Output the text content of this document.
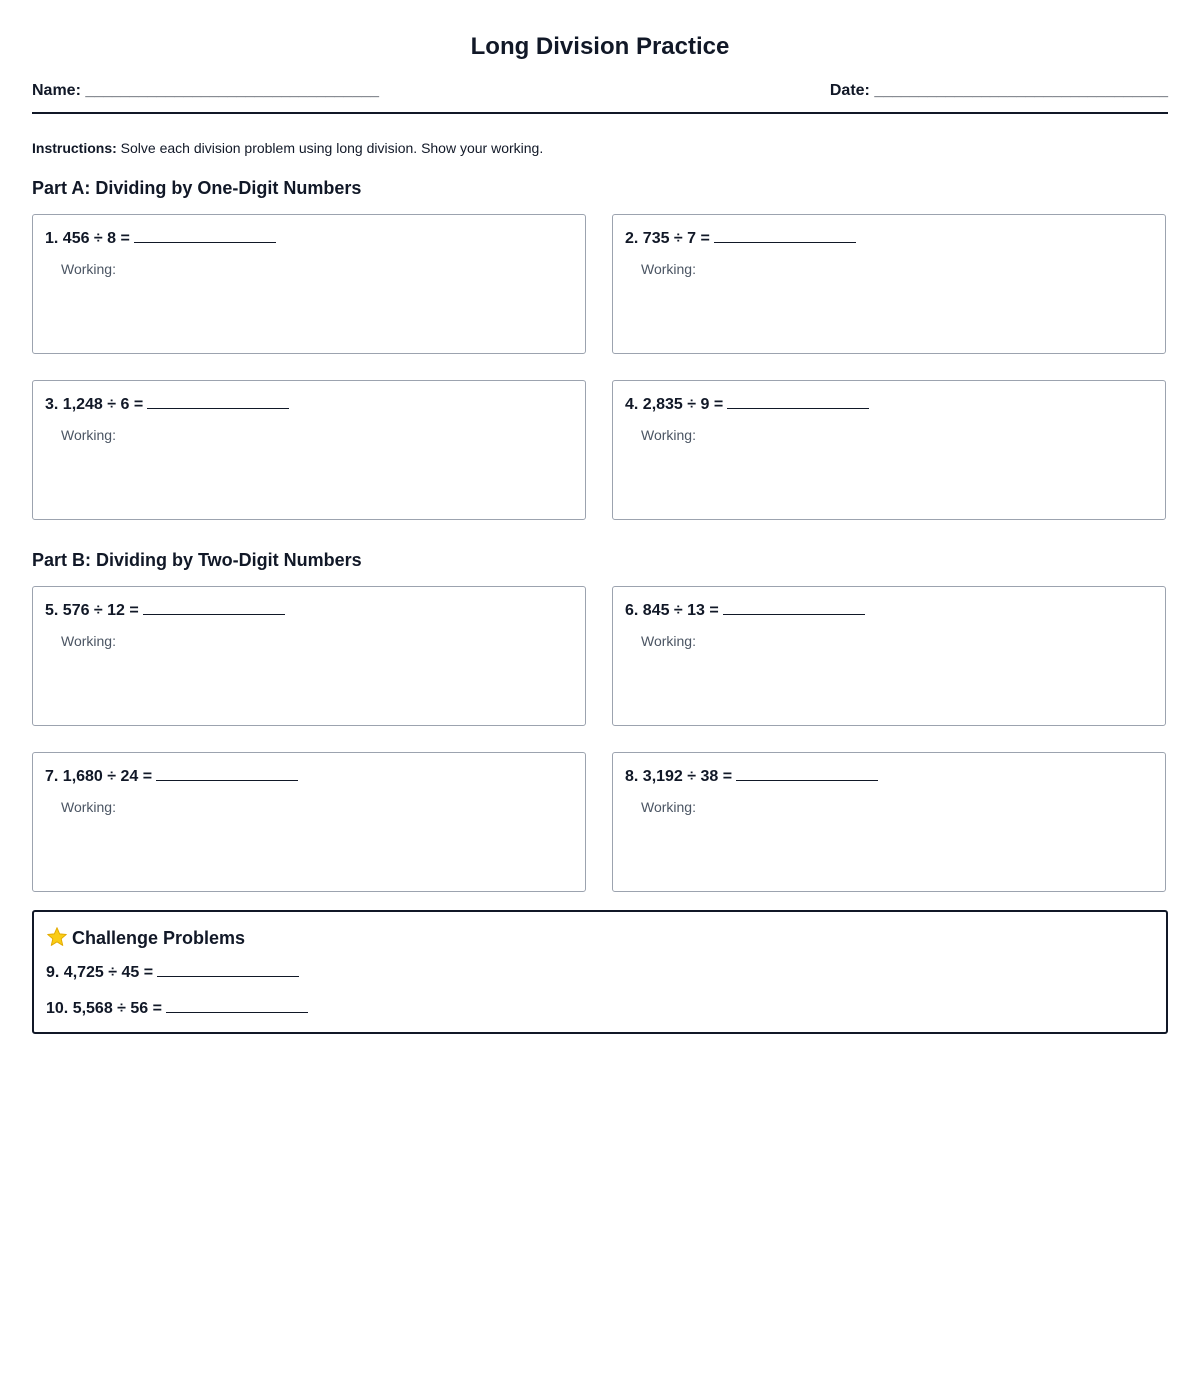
Long Division Practice
Name: _________________________________	Date: _________________________________
Instructions: Solve each division problem using long division. Show your working.
Part A: Dividing by One-Digit Numbers
1. 456 ÷ 8 =
Working:
2. 735 ÷ 7 =
Working:
3. 1,248 ÷ 6 =
Working:
4. 2,835 ÷ 9 =
Working:
Part B: Dividing by Two-Digit Numbers
5. 576 ÷ 12 =
Working:
6. 845 ÷ 13 =
Working:
7. 1,680 ÷ 24 =
Working:
8. 3,192 ÷ 38 =
Working:
Challenge Problems
9. 4,725 ÷ 45 =
10. 5,568 ÷ 56 =
